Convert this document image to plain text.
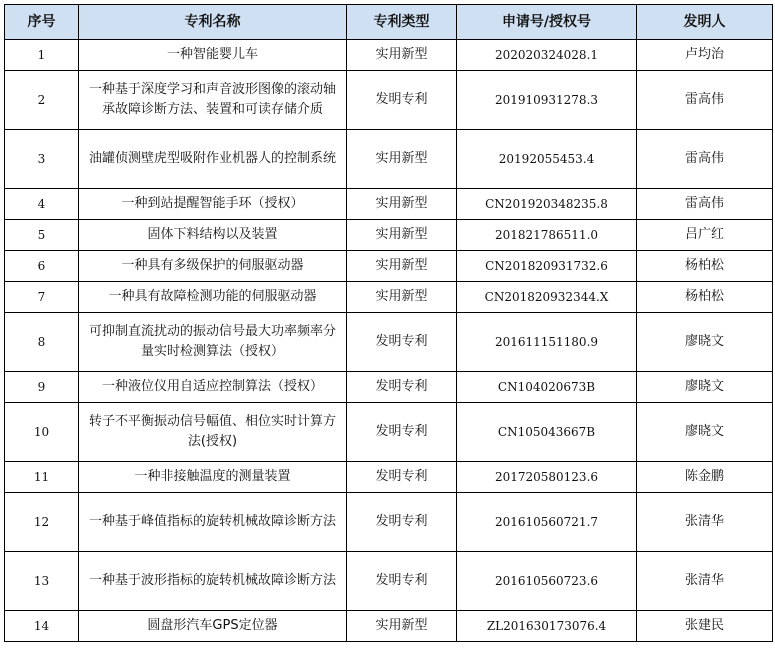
序号	专利名称	专利类型	申请号/授权号	发明人
1	一种智能婴儿车	实用新型	202020324028.1	卢均治
2	一种基于深度学习和声音波形图像的滚动轴承故障诊断方法、装置和可读存储介质	发明专利	201910931278.3	雷高伟
3	油罐侦测壁虎型吸附作业机器人的控制系统	实用新型	20192055453.4	雷高伟
4	一种到站提醒智能手环（授权）	实用新型	CN201920348235.8	雷高伟
5	固体下料结构以及装置	实用新型	201821786511.0	吕广红
6	一种具有多级保护的伺服驱动器	实用新型	CN201820931732.6	杨柏松
7	一种具有故障检测功能的伺服驱动器	实用新型	CN201820932344.X	杨柏松
8	可抑制直流扰动的振动信号最大功率频率分量实时检测算法（授权）	发明专利	201611151180.9	廖晓文
9	一种液位仪用自适应控制算法（授权）	发明专利	CN104020673B	廖晓文
10	转子不平衡振动信号幅值、相位实时计算方法(授权)	发明专利	CN105043667B	廖晓文
11	一种非接触温度的测量装置	发明专利	201720580123.6	陈金鹏
12	一种基于峰值指标的旋转机械故障诊断方法	发明专利	201610560721.7	张清华
13	一种基于波形指标的旋转机械故障诊断方法	发明专利	201610560723.6	张清华
14	圆盘形汽车GPS定位器	实用新型	ZL201630173076.4	张建民
